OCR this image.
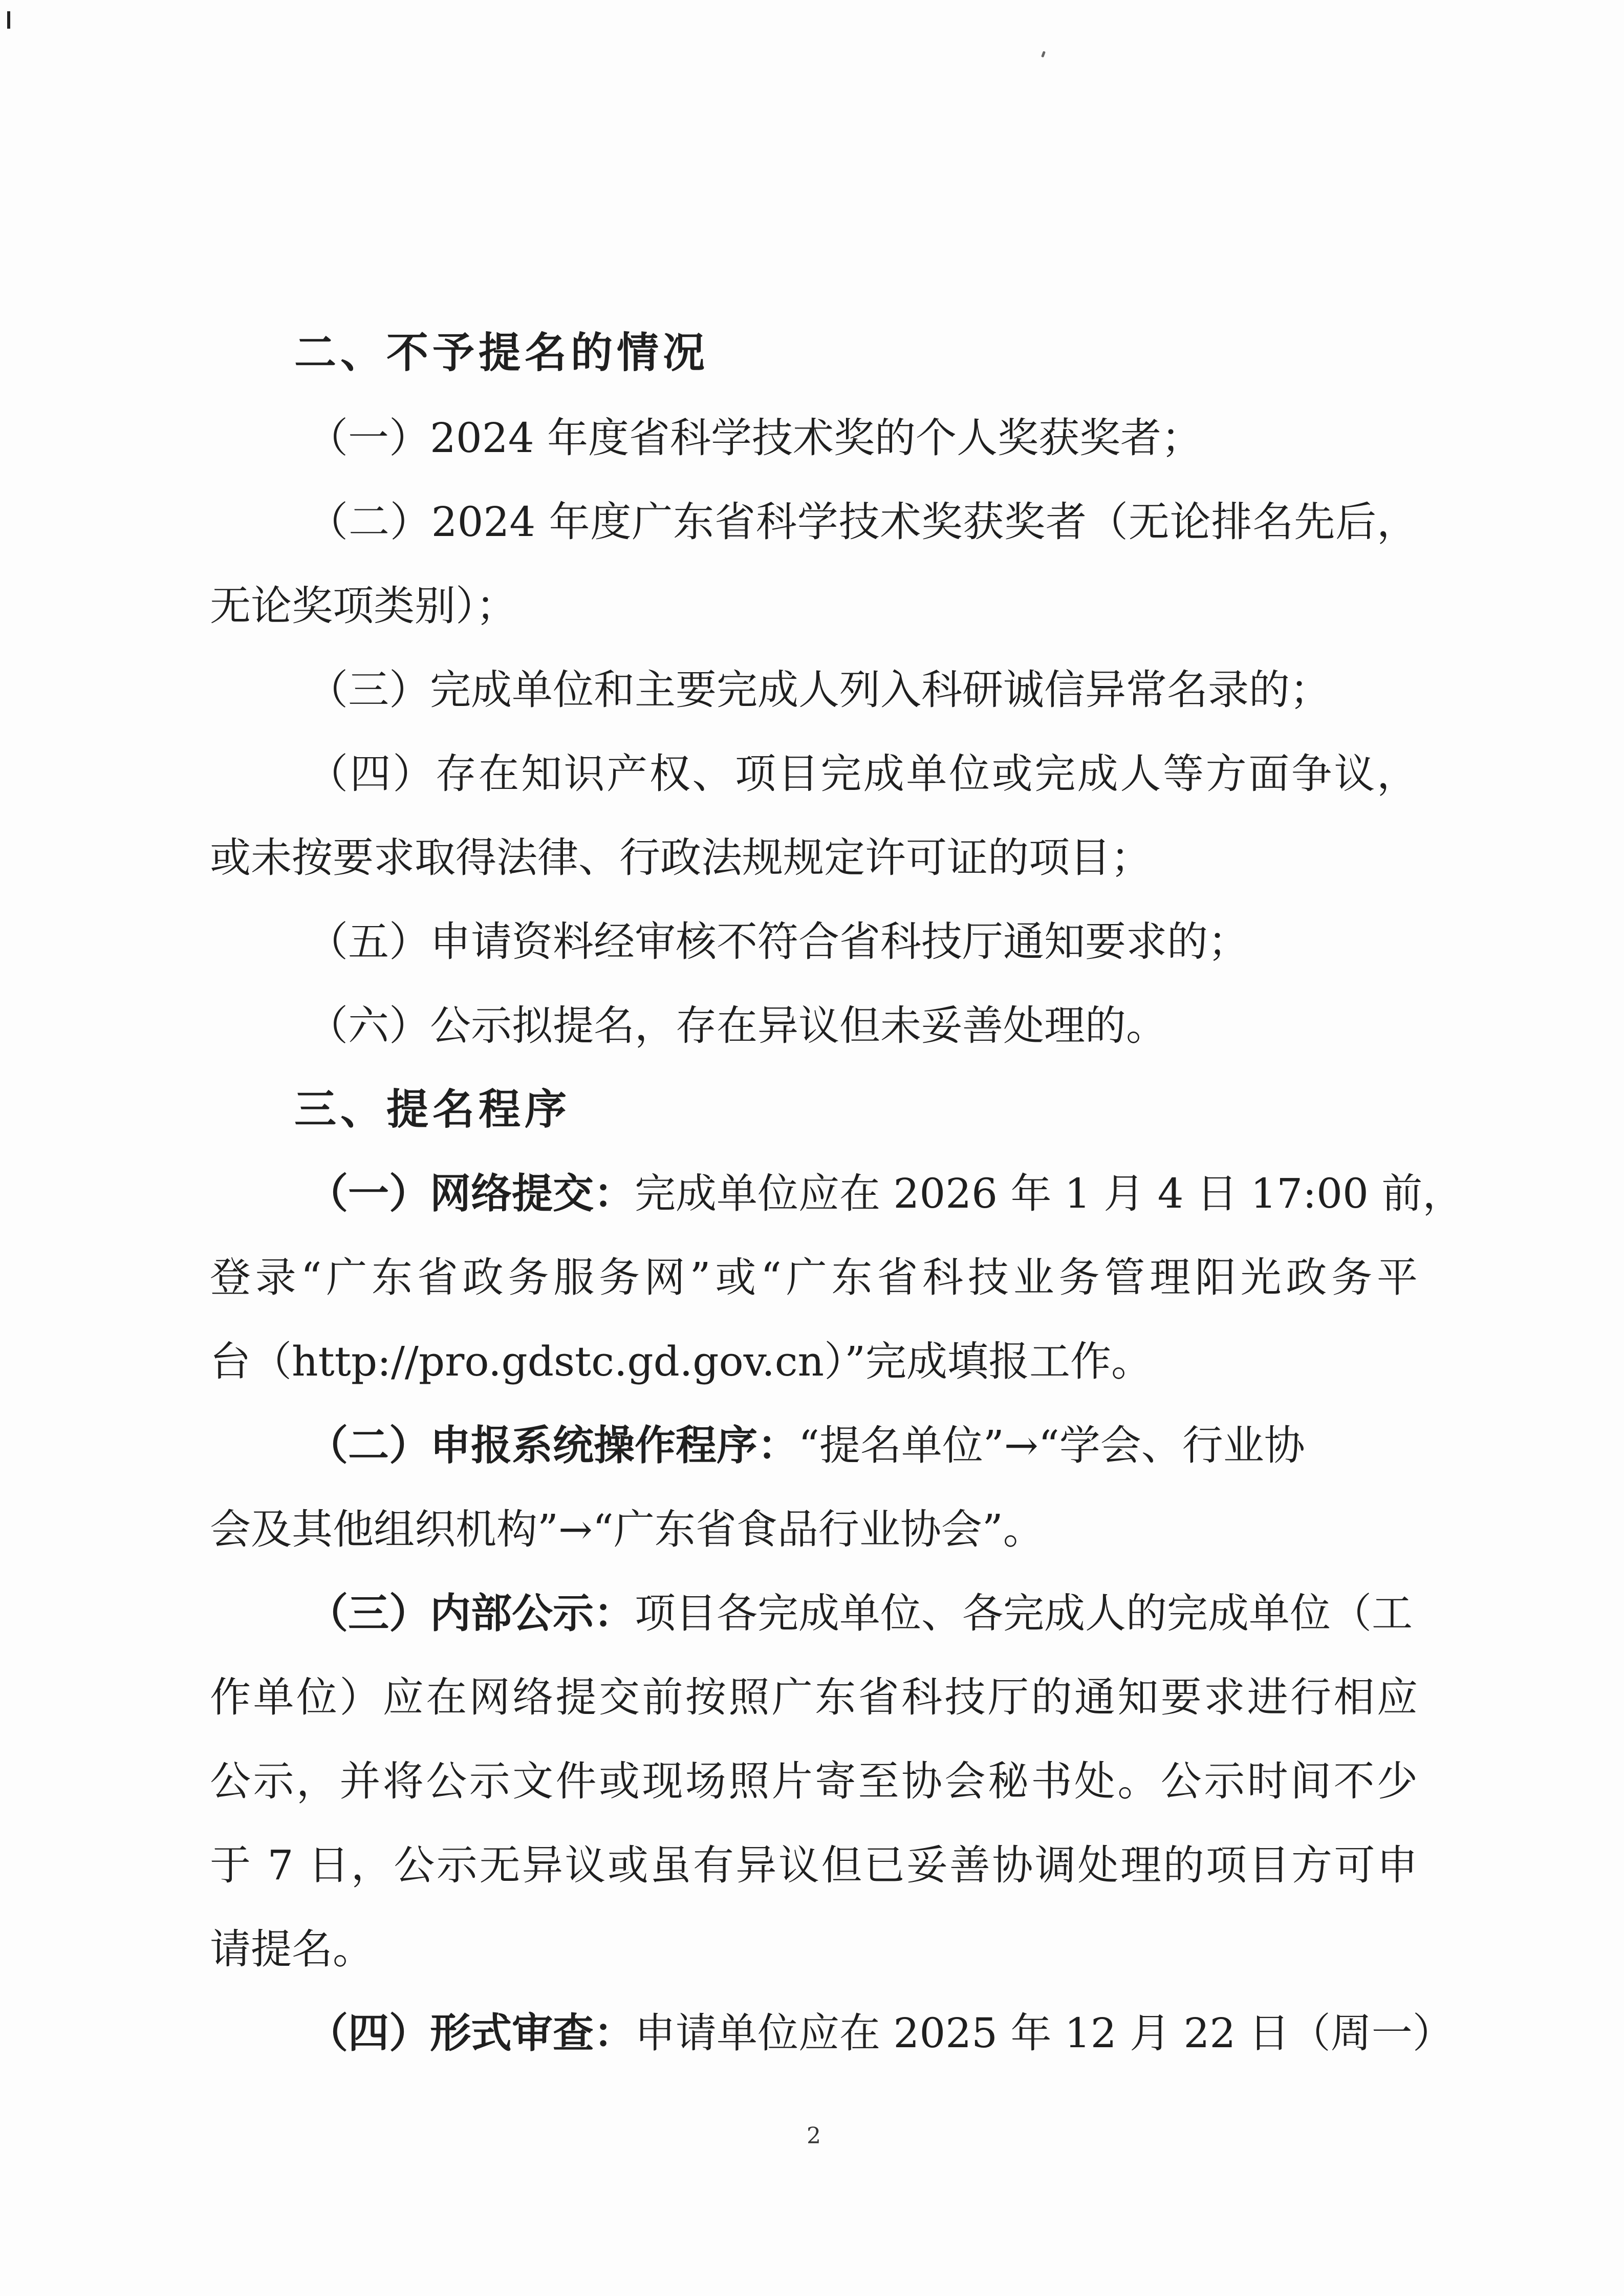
二、不予提名的情况
（一）2024 年度省科学技术奖的个人奖获奖者；
（二）2024 年度广东省科学技术奖获奖者（无论排名先后，
无论奖项类别）；
（三）完成单位和主要完成人列入科研诚信异常名录的；
（四）存在知识产权、项目完成单位或完成人等方面争议，
或未按要求取得法律、行政法规规定许可证的项目；
（五）申请资料经审核不符合省科技厅通知要求的；
（六）公示拟提名，存在异议但未妥善处理的。
三、提名程序
（一）网络提交：完成单位应在 2026 年 1 月 4 日 17:00 前，
登录“广东省政务服务网”或“广东省科技业务管理阳光政务平
台（http://pro.gdstc.gd.gov.cn）”完成填报工作。
（二）申报系统操作程序：“提名单位”→“学会、行业协
会及其他组织机构”→“广东省食品行业协会”。
（三）内部公示：项目各完成单位、各完成人的完成单位（工
作单位）应在网络提交前按照广东省科技厅的通知要求进行相应
公示，并将公示文件或现场照片寄至协会秘书处。公示时间不少
于 7 日，公示无异议或虽有异议但已妥善协调处理的项目方可申
请提名。
（四）形式审查：申请单位应在 2025 年 12 月 22 日（周一）
2
